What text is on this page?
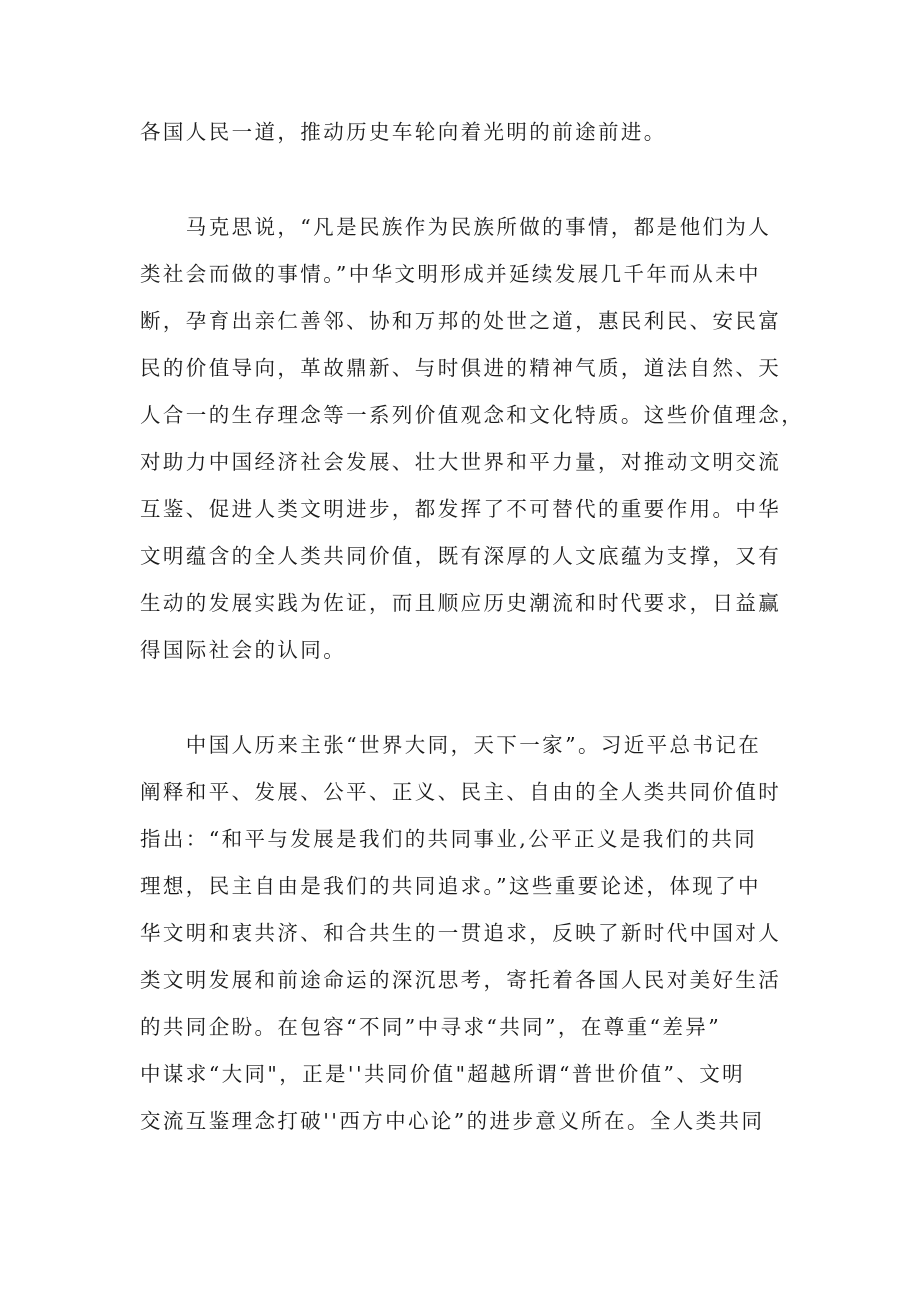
各国人民一道，推动历史车轮向着光明的前途前进。
　　马克思说，“凡是民族作为民族所做的事情，都是他们为人
类社会而做的事情。”中华文明形成并延续发展几千年而从未中
断，孕育出亲仁善邻、协和万邦的处世之道，惠民利民、安民富
民的价值导向，革故鼎新、与时俱进的精神气质，道法自然、天
人合一的生存理念等一系列价值观念和文化特质。这些价值理念，
对助力中国经济社会发展、壮大世界和平力量，对推动文明交流
互鉴、促进人类文明进步，都发挥了不可替代的重要作用。中华
文明蕴含的全人类共同价值，既有深厚的人文底蕴为支撑，又有
生动的发展实践为佐证，而且顺应历史潮流和时代要求，日益赢
得国际社会的认同。
　　中国人历来主张“世界大同，天下一家”。习近平总书记在
阐释和平、发展、公平、正义、民主、自由的全人类共同价值时
指出：“和平与发展是我们的共同事业,公平正义是我们的共同
理想，民主自由是我们的共同追求。”这些重要论述，体现了中
华文明和衷共济、和合共生的一贯追求，反映了新时代中国对人
类文明发展和前途命运的深沉思考，寄托着各国人民对美好生活
的共同企盼。在包容“不同”中寻求“共同”，在尊重“差异”
中谋求“大同"，正是''共同价值"超越所谓“普世价值”、文明
交流互鉴理念打破''西方中心论”的进步意义所在。全人类共同
